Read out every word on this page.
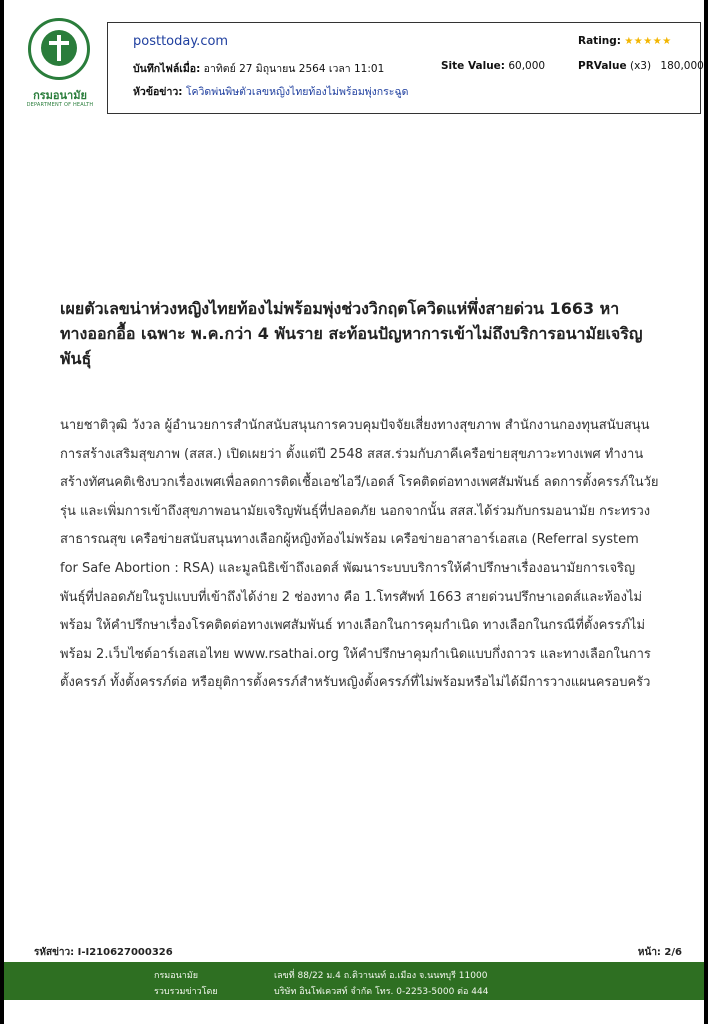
กรมอนามัย
DEPARTMENT OF HEALTH
posttoday.com
บันทึกไฟล์เมื่อ: อาทิตย์ 27 มิถุนายน 2564 เวลา 11:01	Site Value: 60,000
Rating: ★★★★★
PRValue (x3) 180,000
หัวข้อข่าว: โควิดพ่นพิษตัวเลขหญิงไทยท้องไม่พร้อมพุ่งกระฉูด
เผยตัวเลขน่าห่วงหญิงไทยท้องไม่พร้อมพุ่งช่วงวิกฤตโควิดแห่พึ่งสายด่วน 1663 หาทางออกอื้อ เฉพาะ พ.ค.กว่า 4 พันราย สะท้อนปัญหาการเข้าไม่ถึงบริการอนามัยเจริญพันธุ์

นายชาติวุฒิ วังวล ผู้อำนวยการสำนักสนับสนุนการควบคุมปัจจัยเสี่ยงทางสุขภาพ สำนักงานกองทุนสนับสนุนการสร้างเสริมสุขภาพ (สสส.) เปิดเผยว่า ตั้งแต่ปี 2548 สสส.ร่วมกับภาคีเครือข่ายสุขภาวะทางเพศ ทำงานสร้างทัศนคติเชิงบวกเรื่องเพศเพื่อลดการติดเชื้อเอชไอวี/เอดส์ โรคติดต่อทางเพศสัมพันธ์ ลดการตั้งครรภ์ในวัยรุ่น และเพิ่มการเข้าถึงสุขภาพอนามัยเจริญพันธุ์ที่ปลอดภัย นอกจากนั้น สสส.ได้ร่วมกับกรมอนามัย กระทรวงสาธารณสุข เครือข่ายสนับสนุนทางเลือกผู้หญิงท้องไม่พร้อม เครือข่ายอาสาอาร์เอสเอ (Referral system for Safe Abortion : RSA) และมูลนิธิเข้าถึงเอดส์ พัฒนาระบบบริการให้คำปรึกษาเรื่องอนามัยการเจริญพันธุ์ที่ปลอดภัยในรูปแบบที่เข้าถึงได้ง่าย 2 ช่องทาง คือ 1.โทรศัพท์ 1663 สายด่วนปรึกษาเอดส์และท้องไม่พร้อม ให้คำปรึกษาเรื่องโรคติดต่อทางเพศสัมพันธ์ ทางเลือกในการคุมกำเนิด ทางเลือกในกรณีที่ตั้งครรภ์ไม่พร้อม 2.เว็บไซต์อาร์เอสเอไทย www.rsathai.org ให้คำปรึกษาคุมกำเนิดแบบกึ่งถาวร และทางเลือกในการตั้งครรภ์ ทั้งตั้งครรภ์ต่อ หรือยุติการตั้งครรภ์สำหรับหญิงตั้งครรภ์ที่ไม่พร้อมหรือไม่ได้มีการวางแผนครอบครัว

รหัสข่าว: I-I210627000326	หน้า: 2/6
กรมอนามัย
รวบรวมข่าวโดย
เลขที่ 88/22 ม.4 ถ.ติวานนท์ อ.เมือง จ.นนทบุรี 11000
บริษัท อินโฟเควสท์ จำกัด โทร. 0-2253-5000 ต่อ 444
